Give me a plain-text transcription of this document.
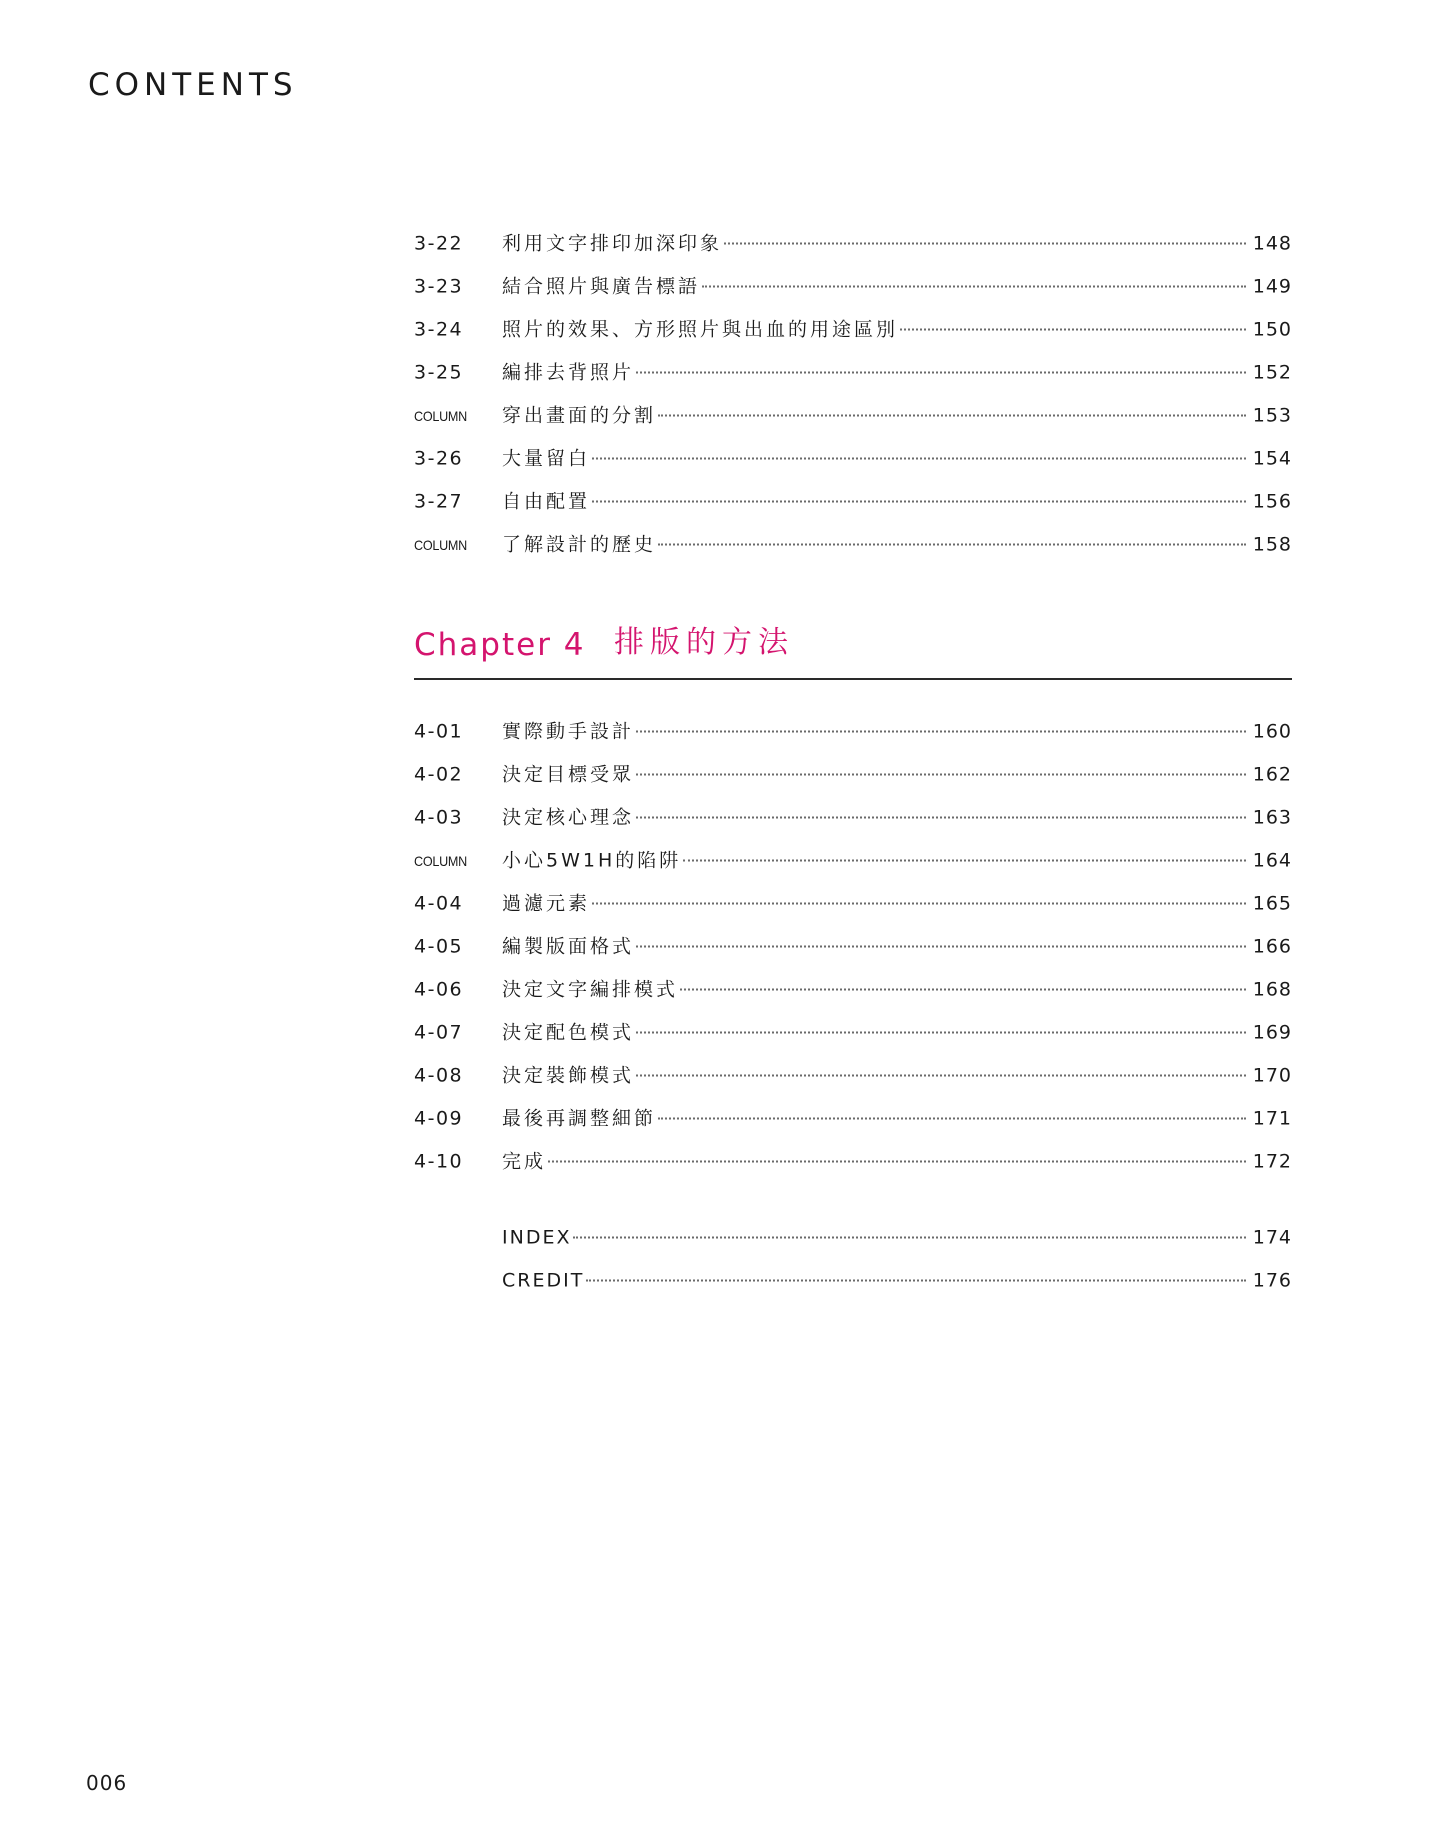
CONTENTS
3-22	利用文字排印加深印象	148
3-23	結合照片與廣告標語	149
3-24	照片的效果、方形照片與出血的用途區別	150
3-25	編排去背照片	152
COLUMN	穿出畫面的分割	153
3-26	大量留白	154
3-27	自由配置	156
COLUMN	了解設計的歷史	158
Chapter 4 排版的方法
4-01	實際動手設計	160
4-02	決定目標受眾	162
4-03	決定核心理念	163
COLUMN	小心5W1H的陷阱	164
4-04	過濾元素	165
4-05	編製版面格式	166
4-06	決定文字編排模式	168
4-07	決定配色模式	169
4-08	決定裝飾模式	170
4-09	最後再調整細節	171
4-10	完成	172
INDEX	174
CREDIT	176
006
